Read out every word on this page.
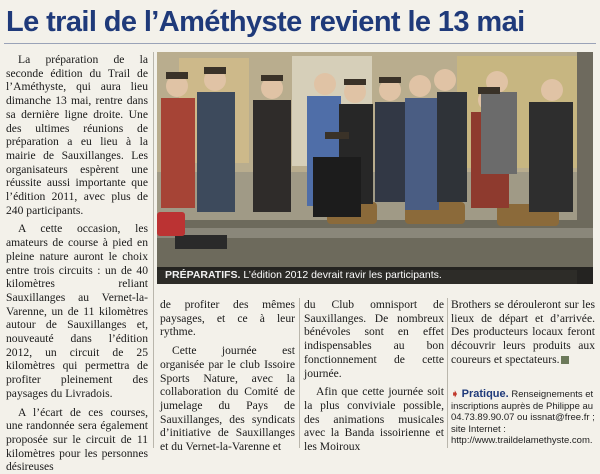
Le trail de l’Améthyste revient le 13 mai

La préparation de la seconde édition du Trail de l’Améthyste, qui aura lieu dimanche 13 mai, rentre dans sa dernière ligne droite. Une des ultimes réunions de préparation a eu lieu à la mairie de Sauxillanges. Les organisateurs espèrent une réussite aussi importante que l’édition 2011, avec plus de 240 participants.

A cette occasion, les amateurs de course à pied en pleine nature auront le choix entre trois circuits : un de 40 kilomètres reliant Sauxillanges au Vernet-la-Varenne, un de 11 kilomètres autour de Sauxillanges et, nouveauté dans l’édition 2012, un circuit de 25 kilomètres qui permettra de profiter pleinement des paysages du Livradois.

A l’écart de ces courses, une randonnée sera également proposée sur le circuit de 11 kilomètres pour les personnes désireuses

PRÉPARATIFS. L’édition 2012 devrait ravir les participants.

de profiter des mêmes paysages, et ce à leur rythme.

Cette journée est organisée par le club Issoire Sports Nature, avec la collaboration du Comité de jumelage du Pays de Sauxillanges, des syndicats d’initiative de Sauxillanges et du Vernet-la-Varenne et

du Club omnisport de Sauxillanges. De nombreux bénévoles sont en effet indispensables au bon fonctionnement de cette journée.

Afin que cette journée soit la plus conviviale possible, des animations musicales avec la Banda issoirienne et les Moiroux

Brothers se dérouleront sur les lieux de départ et d’arrivée. Des producteurs locaux feront découvrir leurs produits aux coureurs et spectateurs.

➧ Pratique. Renseignements et inscriptions auprès de Philippe au 04.73.89.90.07 ou issnat@free.fr ; site Internet : http://www.traildelamethyste.com.
